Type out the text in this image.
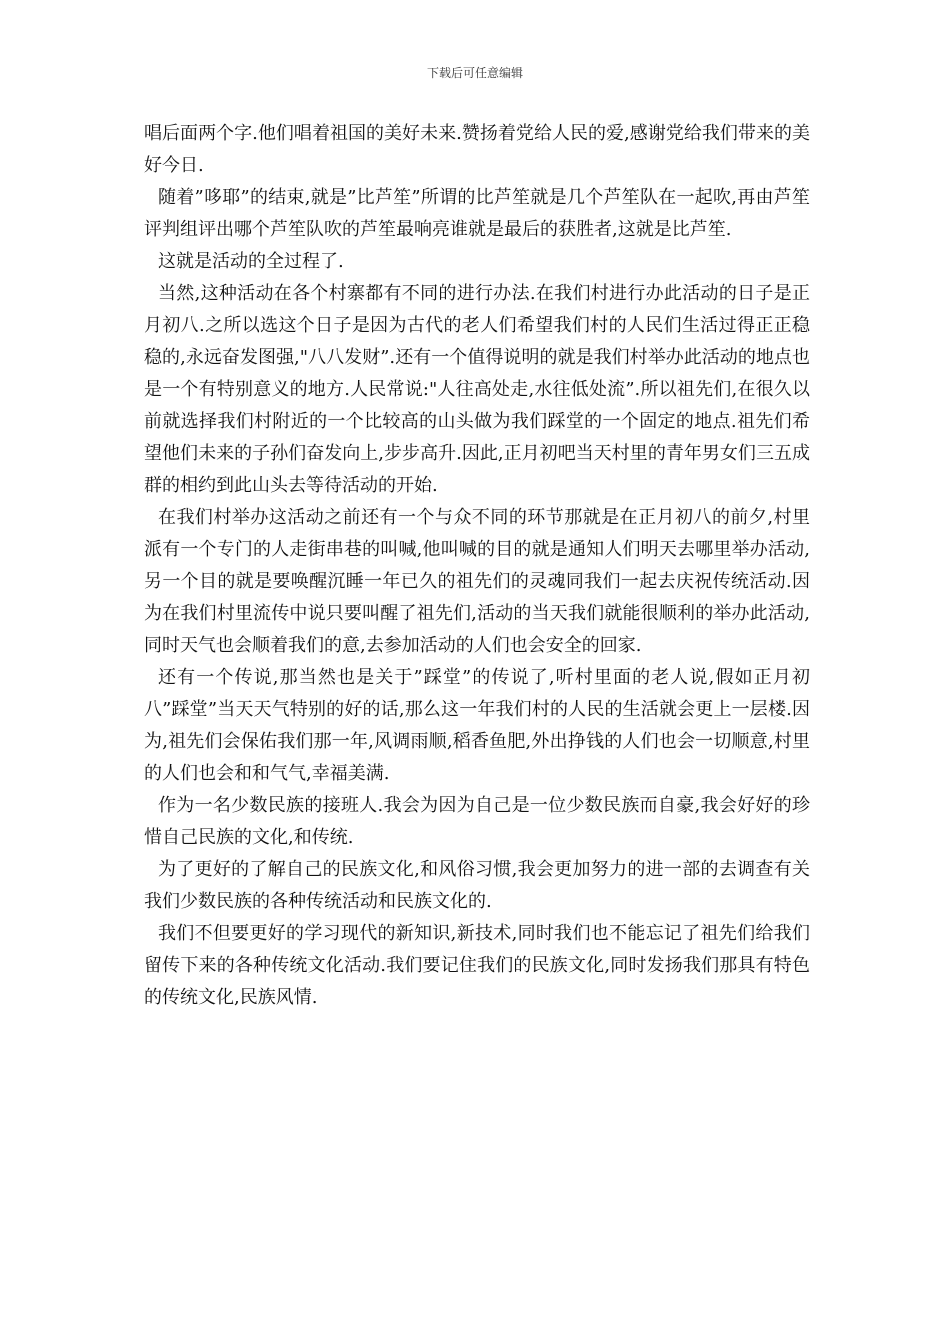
下载后可任意编辑

唱后面两个字.他们唱着祖国的美好未来.赞扬着党给人民的爱,感谢党给我们带来的美好今日.

随着”哆耶”的结束,就是”比芦笙”所谓的比芦笙就是几个芦笙队在一起吹,再由芦笙评判组评出哪个芦笙队吹的芦笙最响亮谁就是最后的获胜者,这就是比芦笙.

这就是活动的全过程了.

当然,这种活动在各个村寨都有不同的进行办法.在我们村进行办此活动的日子是正月初八.之所以选这个日子是因为古代的老人们希望我们村的人民们生活过得正正稳稳的,永远奋发图强,"八八发财”.还有一个值得说明的就是我们村举办此活动的地点也是一个有特别意义的地方.人民常说:"人往高处走,水往低处流”.所以祖先们,在很久以前就选择我们村附近的一个比较高的山头做为我们踩堂的一个固定的地点.祖先们希望他们未来的子孙们奋发向上,步步高升.因此,正月初吧当天村里的青年男女们三五成群的相约到此山头去等待活动的开始.

在我们村举办这活动之前还有一个与众不同的环节那就是在正月初八的前夕,村里派有一个专门的人走街串巷的叫喊,他叫喊的目的就是通知人们明天去哪里举办活动,另一个目的就是要唤醒沉睡一年已久的祖先们的灵魂同我们一起去庆祝传统活动.因为在我们村里流传中说只要叫醒了祖先们,活动的当天我们就能很顺利的举办此活动,同时天气也会顺着我们的意,去参加活动的人们也会安全的回家.

还有一个传说,那当然也是关于”踩堂”的传说了,听村里面的老人说,假如正月初八”踩堂”当天天气特别的好的话,那么这一年我们村的人民的生活就会更上一层楼.因为,祖先们会保佑我们那一年,风调雨顺,稻香鱼肥,外出挣钱的人们也会一切顺意,村里的人们也会和和气气,幸福美满.

作为一名少数民族的接班人.我会为因为自己是一位少数民族而自豪,我会好好的珍惜自己民族的文化,和传统.

为了更好的了解自己的民族文化,和风俗习惯,我会更加努力的进一部的去调查有关我们少数民族的各种传统活动和民族文化的.

我们不但要更好的学习现代的新知识,新技术,同时我们也不能忘记了祖先们给我们留传下来的各种传统文化活动.我们要记住我们的民族文化,同时发扬我们那具有特色的传统文化,民族风情.
